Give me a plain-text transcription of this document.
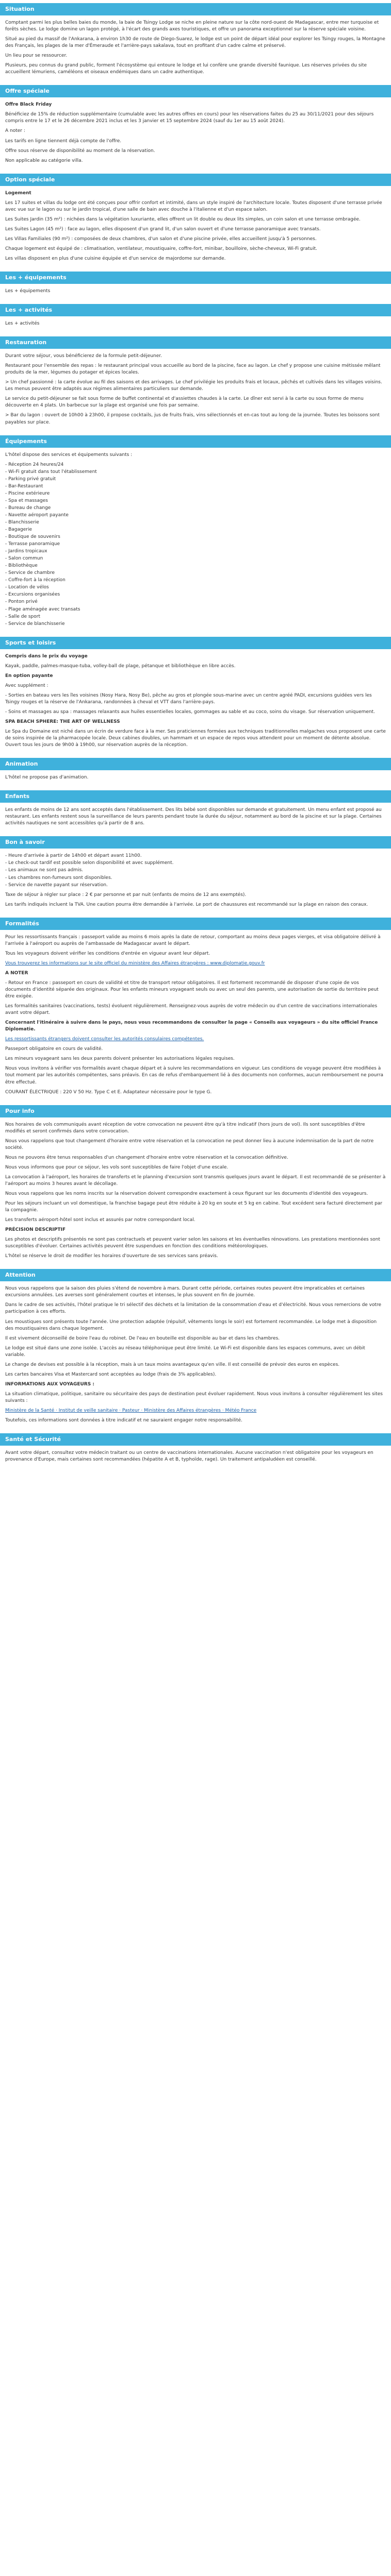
Situation

Comptant parmi les plus belles baies du monde, la baie de Tsingy Lodge se niche en pleine nature sur la côte nord-ouest de Madagascar, entre mer turquoise et forêts sèches. Le lodge domine un lagon protégé, à l'écart des grands axes touristiques, et offre un panorama exceptionnel sur la réserve spéciale voisine.

Situé au pied du massif de l'Ankarana, à environ 1h30 de route de Diego-Suarez, le lodge est un point de départ idéal pour explorer les Tsingy rouges, la Montagne des Français, les plages de la mer d'Émeraude et l'arrière-pays sakalava, tout en profitant d'un cadre calme et préservé.

Un lieu pour se ressourcer.

Plusieurs, peu connus du grand public, forment l'écosystème qui entoure le lodge et lui confère une grande diversité faunique. Les réserves privées du site accueillent lémuriens, caméléons et oiseaux endémiques dans un cadre authentique.

Offre spéciale

Offre Black Friday

Bénéficiez de 15% de réduction supplémentaire (cumulable avec les autres offres en cours) pour les réservations faites du 25 au 30/11/2021 pour des séjours compris entre le 17 et le 26 décembre 2021 inclus et les 3 janvier et 15 septembre 2024 (sauf du 1er au 15 août 2024).

A noter :

Les tarifs en ligne tiennent déjà compte de l'offre.

Offre sous réserve de disponibilité au moment de la réservation.

Non applicable au catégorie villa.

Option spéciale

Logement

Les 17 suites et villas du lodge ont été conçues pour offrir confort et intimité, dans un style inspiré de l'architecture locale. Toutes disposent d'une terrasse privée avec vue sur le lagon ou sur le jardin tropical, d'une salle de bain avec douche à l'italienne et d'un espace salon.

Les Suites Jardin (35 m²) : nichées dans la végétation luxuriante, elles offrent un lit double ou deux lits simples, un coin salon et une terrasse ombragée.

Les Suites Lagon (45 m²) : face au lagon, elles disposent d'un grand lit, d'un salon ouvert et d'une terrasse panoramique avec transats.

Les Villas Familiales (90 m²) : composées de deux chambres, d'un salon et d'une piscine privée, elles accueillent jusqu'à 5 personnes.

Chaque logement est équipé de : climatisation, ventilateur, moustiquaire, coffre-fort, minibar, bouilloire, sèche-cheveux, Wi-Fi gratuit.

Les villas disposent en plus d'une cuisine équipée et d'un service de majordome sur demande.

Les + équipements

Les + équipements

Les + activités

Les + activités

Restauration

Durant votre séjour, vous bénéficierez de la formule petit-déjeuner.

Restaurant pour l'ensemble des repas : le restaurant principal vous accueille au bord de la piscine, face au lagon. Le chef y propose une cuisine métissée mêlant produits de la mer, légumes du potager et épices locales.

> Un chef passionné : la carte évolue au fil des saisons et des arrivages. Le chef privilégie les produits frais et locaux, pêchés et cultivés dans les villages voisins. Les menus peuvent être adaptés aux régimes alimentaires particuliers sur demande.

Le service du petit-déjeuner se fait sous forme de buffet continental et d'assiettes chaudes à la carte. Le dîner est servi à la carte ou sous forme de menu découverte en 4 plats. Un barbecue sur la plage est organisé une fois par semaine.

> Bar du lagon : ouvert de 10h00 à 23h00, il propose cocktails, jus de fruits frais, vins sélectionnés et en-cas tout au long de la journée. Toutes les boissons sont payables sur place.

Équipements

L'hôtel dispose des services et équipements suivants :

- Réception 24 heures/24
- Wi-Fi gratuit dans tout l'établissement
- Parking privé gratuit
- Bar-Restaurant
- Piscine extérieure
- Spa et massages
- Bureau de change
- Navette aéroport payante
- Blanchisserie
- Bagagerie
- Boutique de souvenirs
- Terrasse panoramique
- Jardins tropicaux
- Salon commun
- Bibliothèque
- Service de chambre
- Coffre-fort à la réception
- Location de vélos
- Excursions organisées
- Ponton privé
- Plage aménagée avec transats
- Salle de sport
- Service de blanchisserie
Sports et loisirs

Compris dans le prix du voyage

Kayak, paddle, palmes-masque-tuba, volley-ball de plage, pétanque et bibliothèque en libre accès.

En option payante

Avec supplément :

- Sorties en bateau vers les îles voisines (Nosy Hara, Nosy Be), pêche au gros et plongée sous-marine avec un centre agréé PADI, excursions guidées vers les Tsingy rouges et la réserve de l'Ankarana, randonnées à cheval et VTT dans l'arrière-pays.

- Soins et massages au spa : massages relaxants aux huiles essentielles locales, gommages au sable et au coco, soins du visage. Sur réservation uniquement.

SPA BEACH SPHERE: THE ART OF WELLNESS

Le Spa du Domaine est niché dans un écrin de verdure face à la mer. Ses praticiennes formées aux techniques traditionnelles malgaches vous proposent une carte de soins inspirée de la pharmacopée locale. Deux cabines doubles, un hammam et un espace de repos vous attendent pour un moment de détente absolue. Ouvert tous les jours de 9h00 à 19h00, sur réservation auprès de la réception.

Animation

L'hôtel ne propose pas d'animation.

Enfants

Les enfants de moins de 12 ans sont acceptés dans l'établissement. Des lits bébé sont disponibles sur demande et gratuitement. Un menu enfant est proposé au restaurant. Les enfants restent sous la surveillance de leurs parents pendant toute la durée du séjour, notamment au bord de la piscine et sur la plage. Certaines activités nautiques ne sont accessibles qu'à partir de 8 ans.

Bon à savoir
- Heure d'arrivée à partir de 14h00 et départ avant 11h00.
- Le check-out tardif est possible selon disponibilité et avec supplément.
- Les animaux ne sont pas admis.
- Les chambres non-fumeurs sont disponibles.
- Service de navette payant sur réservation.

Taxe de séjour à régler sur place : 2 € par personne et par nuit (enfants de moins de 12 ans exemptés).

Les tarifs indiqués incluent la TVA. Une caution pourra être demandée à l'arrivée. Le port de chaussures est recommandé sur la plage en raison des coraux.

Formalités

Pour les ressortissants français : passeport valide au moins 6 mois après la date de retour, comportant au moins deux pages vierges, et visa obligatoire délivré à l'arrivée à l'aéroport ou auprès de l'ambassade de Madagascar avant le départ.

Tous les voyageurs doivent vérifier les conditions d'entrée en vigueur avant leur départ.

Vous trouverez les informations sur le site officiel du ministère des Affaires étrangères : www.diplomatie.gouv.fr

A NOTER

- Retour en France : passeport en cours de validité et titre de transport retour obligatoires. Il est fortement recommandé de disposer d'une copie de vos documents d'identité séparée des originaux. Pour les enfants mineurs voyageant seuls ou avec un seul des parents, une autorisation de sortie du territoire peut être exigée.

Les formalités sanitaires (vaccinations, tests) évoluent régulièrement. Renseignez-vous auprès de votre médecin ou d'un centre de vaccinations internationales avant votre départ.

Concernant l'itinéraire à suivre dans le pays, nous vous recommandons de consulter la page « Conseils aux voyageurs » du site officiel France Diplomatie.

Les ressortissants étrangers doivent consulter les autorités consulaires compétentes.

Passeport obligatoire en cours de validité.

Les mineurs voyageant sans les deux parents doivent présenter les autorisations légales requises.

Nous vous invitons à vérifier vos formalités avant chaque départ et à suivre les recommandations en vigueur. Les conditions de voyage peuvent être modifiées à tout moment par les autorités compétentes, sans préavis. En cas de refus d'embarquement lié à des documents non conformes, aucun remboursement ne pourra être effectué.

COURANT ÉLECTRIQUE : 220 V 50 Hz. Type C et E. Adaptateur nécessaire pour le type G.

Pour info

Nos horaires de vols communiqués avant réception de votre convocation ne peuvent être qu'à titre indicatif (hors jours de vol). Ils sont susceptibles d'être modifiés et seront confirmés dans votre convocation.

Nous vous rappelons que tout changement d'horaire entre votre réservation et la convocation ne peut donner lieu à aucune indemnisation de la part de notre société.

Nous ne pouvons être tenus responsables d'un changement d'horaire entre votre réservation et la convocation définitive.

Nous vous informons que pour ce séjour, les vols sont susceptibles de faire l'objet d'une escale.

La convocation à l'aéroport, les horaires de transferts et le planning d'excursion sont transmis quelques jours avant le départ. Il est recommandé de se présenter à l'aéroport au moins 3 heures avant le décollage.

Nous vous rappelons que les noms inscrits sur la réservation doivent correspondre exactement à ceux figurant sur les documents d'identité des voyageurs.

Pour les séjours incluant un vol domestique, la franchise bagage peut être réduite à 20 kg en soute et 5 kg en cabine. Tout excédent sera facturé directement par la compagnie.

Les transferts aéroport-hôtel sont inclus et assurés par notre correspondant local.

PRÉCISION DESCRIPTIF

Les photos et descriptifs présentés ne sont pas contractuels et peuvent varier selon les saisons et les éventuelles rénovations. Les prestations mentionnées sont susceptibles d'évoluer. Certaines activités peuvent être suspendues en fonction des conditions météorologiques.

L'hôtel se réserve le droit de modifier les horaires d'ouverture de ses services sans préavis.

Attention

Nous vous rappelons que la saison des pluies s'étend de novembre à mars. Durant cette période, certaines routes peuvent être impraticables et certaines excursions annulées. Les averses sont généralement courtes et intenses, le plus souvent en fin de journée.

Dans le cadre de ses activités, l'hôtel pratique le tri sélectif des déchets et la limitation de la consommation d'eau et d'électricité. Nous vous remercions de votre participation à ces efforts.

Les moustiques sont présents toute l'année. Une protection adaptée (répulsif, vêtements longs le soir) est fortement recommandée. Le lodge met à disposition des moustiquaires dans chaque logement.

Il est vivement déconseillé de boire l'eau du robinet. De l'eau en bouteille est disponible au bar et dans les chambres.

Le lodge est situé dans une zone isolée. L'accès au réseau téléphonique peut être limité. Le Wi-Fi est disponible dans les espaces communs, avec un débit variable.

Le change de devises est possible à la réception, mais à un taux moins avantageux qu'en ville. Il est conseillé de prévoir des euros en espèces.

Les cartes bancaires Visa et Mastercard sont acceptées au lodge (frais de 3% applicables).

INFORMATIONS AUX VOYAGEURS :

La situation climatique, politique, sanitaire ou sécuritaire des pays de destination peut évoluer rapidement. Nous vous invitons à consulter régulièrement les sites suivants :

Ministère de la Santé · Institut de veille sanitaire · Pasteur · Ministère des Affaires étrangères · Météo France

Toutefois, ces informations sont données à titre indicatif et ne sauraient engager notre responsabilité.

Santé et Sécurité

Avant votre départ, consultez votre médecin traitant ou un centre de vaccinations internationales. Aucune vaccination n'est obligatoire pour les voyageurs en provenance d'Europe, mais certaines sont recommandées (hépatite A et B, typhoïde, rage). Un traitement antipaludéen est conseillé.
